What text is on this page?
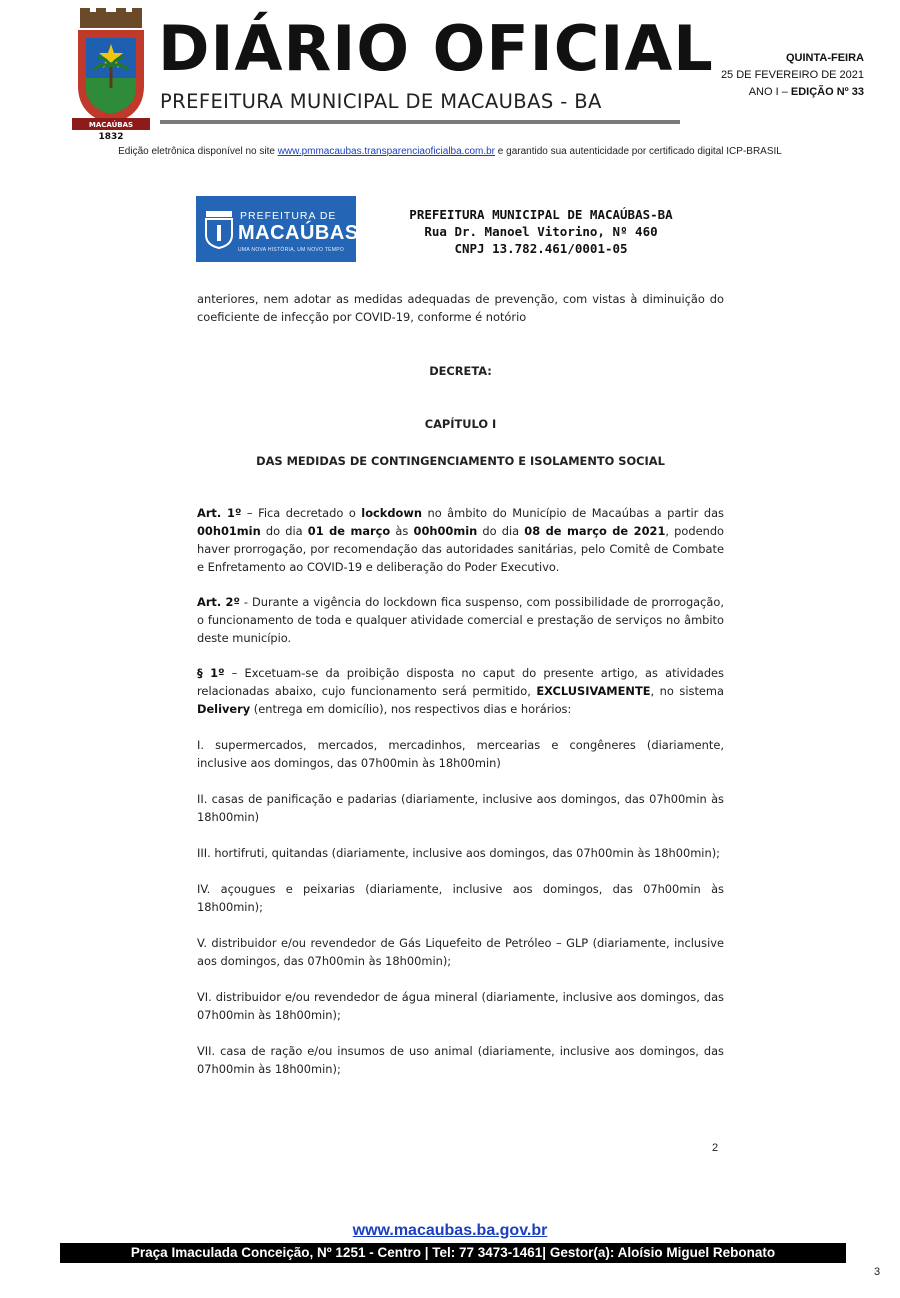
MACAÚBAS
1832
DIÁRIO OFICIAL
PREFEITURA MUNICIPAL DE MACAUBAS - BA
QUINTA-FEIRA
25 DE FEVEREIRO DE 2021
ANO I – EDIÇÃO Nº 33
Edição eletrônica disponível no site www.pmmacaubas.transparenciaoficialba.com.br e garantido sua autenticidade por certificado digital ICP-BRASIL
PREFEITURA DE
MACAÚBAS
UMA NOVA HISTÓRIA, UM NOVO TEMPO
PREFEITURA MUNICIPAL DE MACAÚBAS-BA
Rua Dr. Manoel Vitorino, Nº 460
CNPJ 13.782.461/0001-05

anteriores, nem adotar as medidas adequadas de prevenção, com vistas à diminuição do coeficiente de infecção por COVID-19, conforme é notório

DECRETA:

CAPÍTULO I

DAS MEDIDAS DE CONTINGENCIAMENTO E ISOLAMENTO SOCIAL

Art. 1º – Fica decretado o lockdown no âmbito do Município de Macaúbas a partir das 00h01min do dia 01 de março às 00h00min do dia 08 de março de 2021, podendo haver prorrogação, por recomendação das autoridades sanitárias, pelo Comitê de Combate e Enfretamento ao COVID-19 e deliberação do Poder Executivo.

Art. 2º - Durante a vigência do lockdown fica suspenso, com possibilidade de prorrogação, o funcionamento de toda e qualquer atividade comercial e prestação de serviços no âmbito deste município.

§ 1º – Excetuam-se da proibição disposta no caput do presente artigo, as atividades relacionadas abaixo, cujo funcionamento será permitido, EXCLUSIVAMENTE, no sistema Delivery (entrega em domicílio), nos respectivos dias e horários:

I. supermercados, mercados, mercadinhos, mercearias e congêneres (diariamente, inclusive aos domingos, das 07h00min às 18h00min)

II. casas de panificação e padarias (diariamente, inclusive aos domingos, das 07h00min às 18h00min)

III. hortifruti, quitandas (diariamente, inclusive aos domingos, das 07h00min às 18h00min);

IV. açougues e peixarias (diariamente, inclusive aos domingos, das 07h00min às 18h00min);

V. distribuidor e/ou revendedor de Gás Liquefeito de Petróleo – GLP (diariamente, inclusive aos domingos, das 07h00min às 18h00min);

VI. distribuidor e/ou revendedor de água mineral (diariamente, inclusive aos domingos, das 07h00min às 18h00min);

VII. casa de ração e/ou insumos de uso animal (diariamente, inclusive aos domingos, das 07h00min às 18h00min);

2
www.macaubas.ba.gov.br
Praça Imaculada Conceição, Nº 1251 - Centro | Tel: 77 3473-1461| Gestor(a): Aloísio Miguel Rebonato
3
